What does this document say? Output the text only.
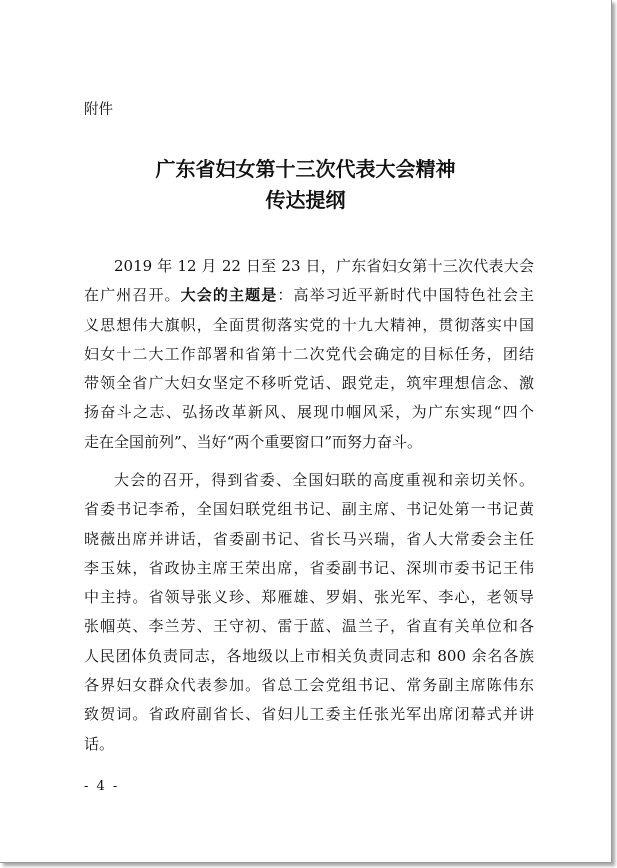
附件
广东省妇女第十三次代表大会精神
传达提纲
2019 年 12 月 22 日至 23 日，广东省妇女第十三次代表大会
在广州召开。大会的主题是：高举习近平新时代中国特色社会主
义思想伟大旗帜，全面贯彻落实党的十九大精神，贯彻落实中国
妇女十二大工作部署和省第十二次党代会确定的目标任务，团结
带领全省广大妇女坚定不移听党话、跟党走，筑牢理想信念、激
扬奋斗之志、弘扬改革新风、展现巾帼风采，为广东实现“四个
走在全国前列”、当好“两个重要窗口”而努力奋斗。
大会的召开，得到省委、全国妇联的高度重视和亲切关怀。
省委书记李希，全国妇联党组书记、副主席、书记处第一书记黄
晓薇出席并讲话，省委副书记、省长马兴瑞，省人大常委会主任
李玉妹，省政协主席王荣出席，省委副书记、深圳市委书记王伟
中主持。省领导张义珍、郑雁雄、罗娟、张光军、李心，老领导
张帼英、李兰芳、王守初、雷于蓝、温兰子，省直有关单位和各
人民团体负责同志，各地级以上市相关负责同志和 800 余名各族
各界妇女群众代表参加。省总工会党组书记、常务副主席陈伟东
致贺词。省政府副省长、省妇儿工委主任张光军出席闭幕式并讲
话。
- 4 -
